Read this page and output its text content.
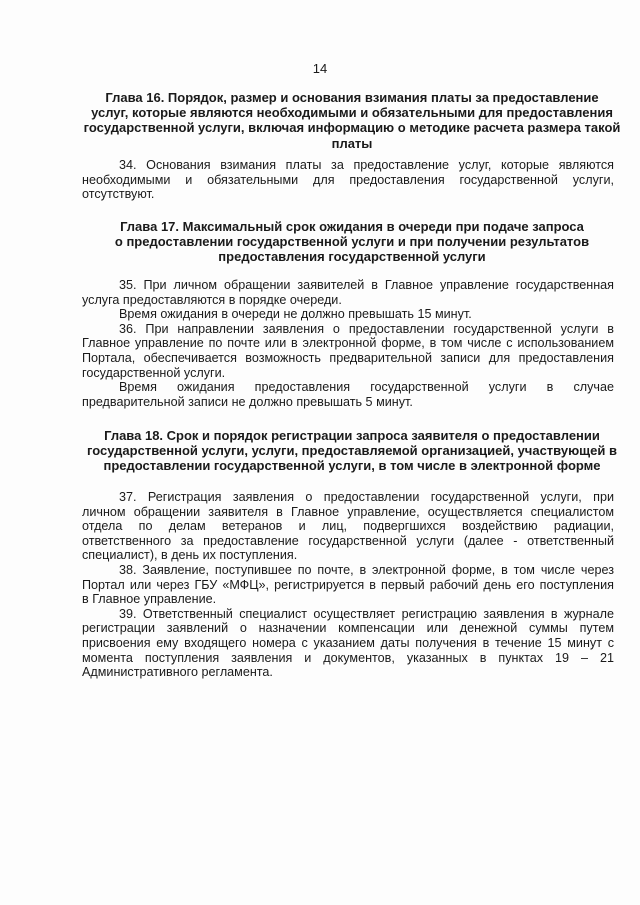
14
Глава 16. Порядок, размер и основания взимания платы за предоставление
услуг, которые являются необходимыми и обязательными для предоставления
государственной услуги, включая информацию о методике расчета размера такой
платы
34. Основания взимания платы за предоставление услуг, которые являются
необходимыми и обязательными для предоставления государственной услуги,
отсутствуют.
Глава 17. Максимальный срок ожидания в очереди при подаче запроса
о предоставлении государственной услуги и при получении результатов
предоставления государственной услуги
35. При личном обращении заявителей в Главное управление государственная
услуга предоставляются в порядке очереди.
Время ожидания в очереди не должно превышать 15 минут.
36. При направлении заявления о предоставлении государственной услуги в
Главное управление по почте или в электронной форме, в том числе с использованием
Портала, обеспечивается возможность предварительной записи для предоставления
государственной услуги.
Время ожидания предоставления государственной услуги в случае
предварительной записи не должно превышать 5 минут.
Глава 18. Срок и порядок регистрации запроса заявителя о предоставлении
государственной услуги, услуги, предоставляемой организацией, участвующей в
предоставлении государственной услуги, в том числе в электронной форме
37. Регистрация заявления о предоставлении государственной услуги, при
личном обращении заявителя в Главное управление, осуществляется специалистом
отдела по делам ветеранов и лиц, подвергшихся воздействию радиации,
ответственного за предоставление государственной услуги (далее - ответственный
специалист), в день их поступления.
38. Заявление, поступившее по почте, в электронной форме, в том числе через
Портал или через ГБУ «МФЦ», регистрируется в первый рабочий день его поступления
в Главное управление.
39. Ответственный специалист осуществляет регистрацию заявления в журнале
регистрации заявлений о назначении компенсации или денежной суммы путем
присвоения ему входящего номера с указанием даты получения в течение 15 минут с
момента поступления заявления и документов, указанных в пунктах 19 – 21
Административного регламента.
